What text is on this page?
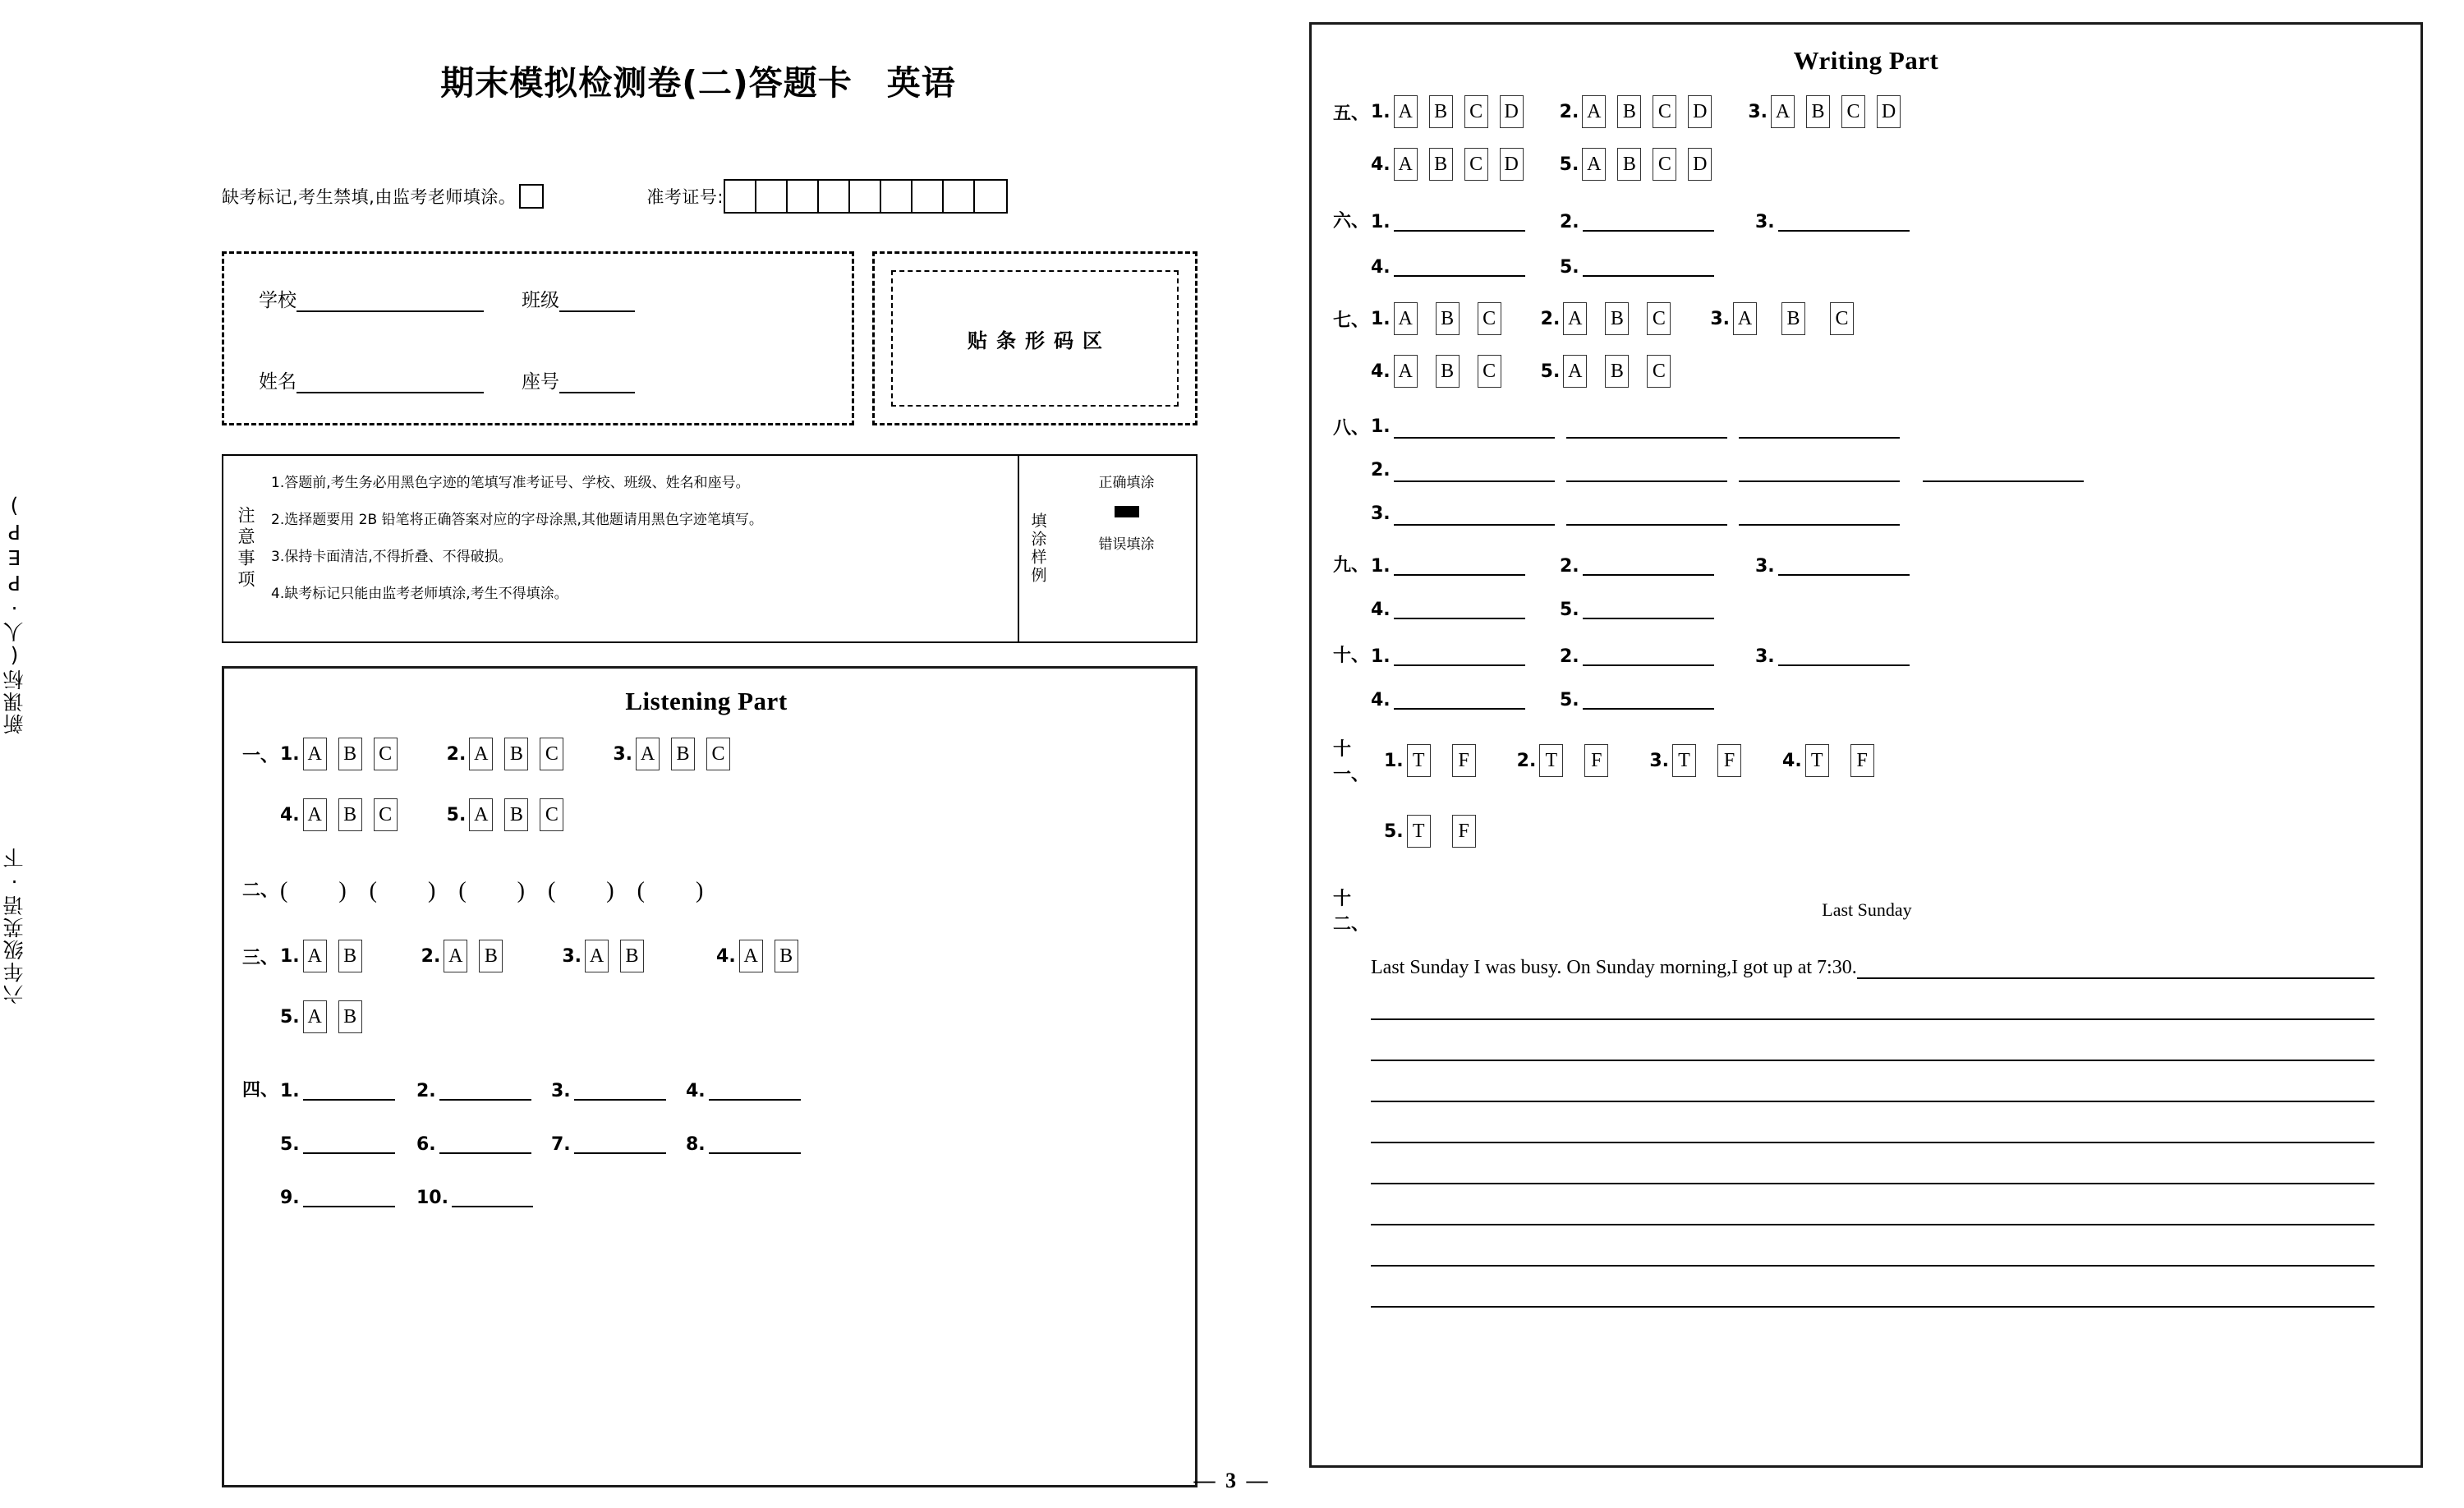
新课标(人·PEP)
六年级英语·下
期末模拟检测卷(二)答题卡　英语
缺考标记,考生禁填,由监考老师填涂。	准考证号:
学校	班级
姓名	座号
贴条形码区
注意事项
1.答题前,考生务必用黑色字迹的笔填写准考证号、学校、班级、姓名和座号。
2.选择题要用 2B 铅笔将正确答案对应的字母涂黑,其他题请用黑色字迹笔填写。
3.保持卡面清洁,不得折叠、不得破损。
4.缺考标记只能由监考老师填涂,考生不得填涂。
填涂样例
正确填涂
错误填涂
Listening Part
一、 1. A B C	2. A B C	3. A B C
4. A B C	5. A B C
二、 (　　) (　　) (　　) (　　) (　　)
三、 1. A B	2. A B	3. A B	4. A B
5. A B
四、 1.	2.	3.	4.
5.	6.	7.	8.
9.	10.
Writing Part
五、 1. A B C D 2. A B C D 3. A B C D
4. A B C D 5. A B C D
六、 1.	2.	3.
4.	5.
七、 1. A B C 2. A B C 3. A B C
4. A B C 5. A B C
八、 1.
2.
3.
九、 1.	2.	3.
4.	5.
十、 1.	2.	3.
4.	5.
十一、
1. T	F	2. T	F	3. T	F	4. T	F
5. T	F
十二、
Last Sunday
Last Sunday I was busy. On Sunday morning,I got up at 7:30.
— 3 —
